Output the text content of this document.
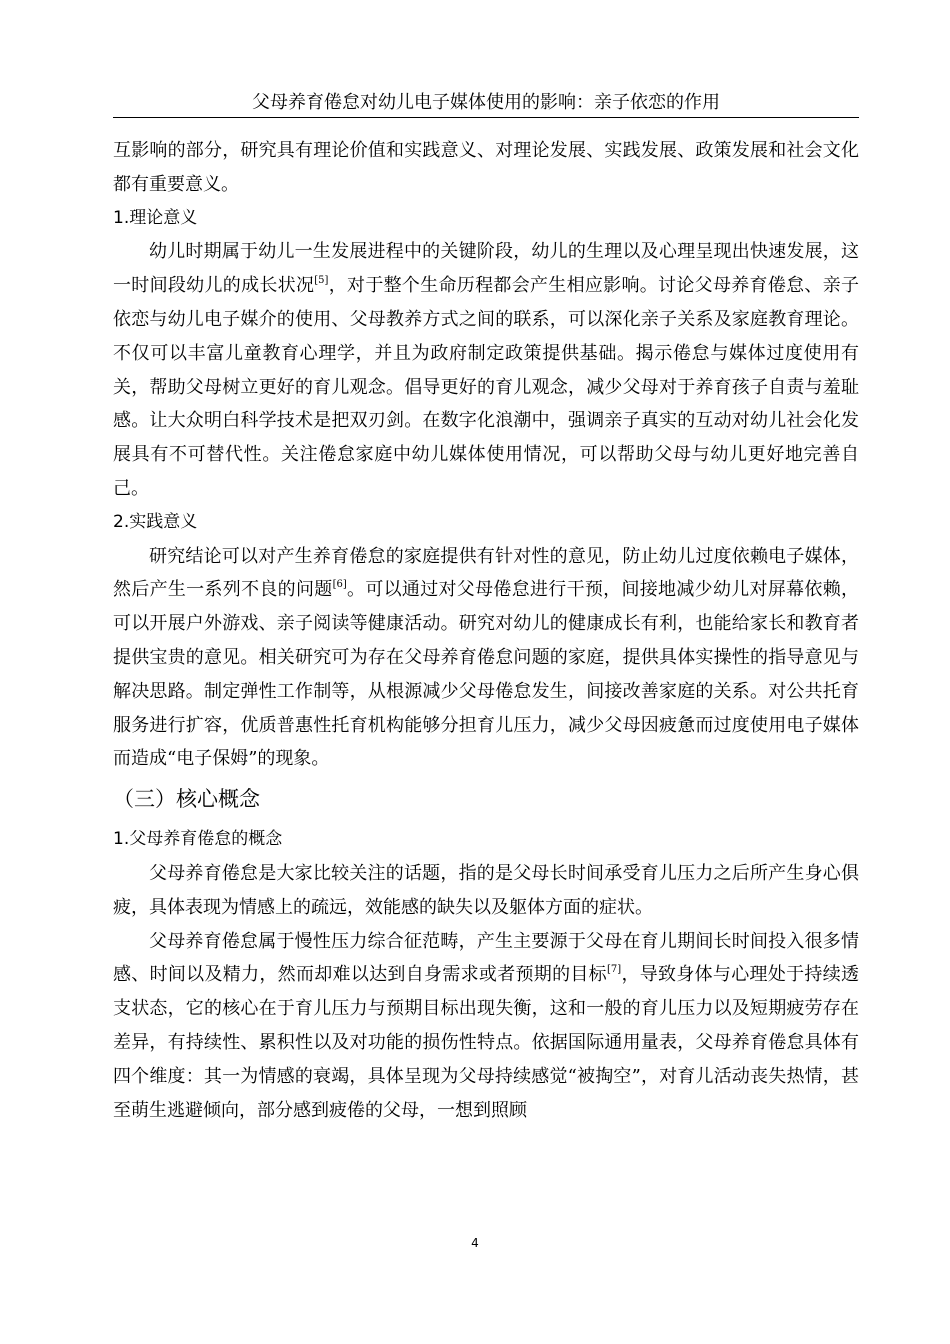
父母养育倦怠对幼儿电子媒体使用的影响：亲子依恋的作用

互影响的部分，研究具有理论价值和实践意义、对理论发展、实践发展、政策发展和社会文化都有重要意义。

1.理论意义

幼儿时期属于幼儿一生发展进程中的关键阶段，幼儿的生理以及心理呈现出快速发展，这一时间段幼儿的成长状况[5]，对于整个生命历程都会产生相应影响。讨论父母养育倦怠、亲子依恋与幼儿电子媒介的使用、父母教养方式之间的联系，可以深化亲子关系及家庭教育理论。不仅可以丰富儿童教育心理学，并且为政府制定政策提供基础。揭示倦怠与媒体过度使用有关，帮助父母树立更好的育儿观念。倡导更好的育儿观念，减少父母对于养育孩子自责与羞耻感。让大众明白科学技术是把双刃剑。在数字化浪潮中，强调亲子真实的互动对幼儿社会化发展具有不可替代性。关注倦怠家庭中幼儿媒体使用情况，可以帮助父母与幼儿更好地完善自己。

2.实践意义

研究结论可以对产生养育倦怠的家庭提供有针对性的意见，防止幼儿过度依赖电子媒体，然后产生一系列不良的问题[6]。可以通过对父母倦怠进行干预，间接地减少幼儿对屏幕依赖，可以开展户外游戏、亲子阅读等健康活动。研究对幼儿的健康成长有利，也能给家长和教育者提供宝贵的意见。相关研究可为存在父母养育倦怠问题的家庭，提供具体实操性的指导意见与解决思路。制定弹性工作制等，从根源减少父母倦怠发生，间接改善家庭的关系。对公共托育服务进行扩容，优质普惠性托育机构能够分担育儿压力，减少父母因疲惫而过度使用电子媒体而造成“电子保姆”的现象。

（三）核心概念
1.父母养育倦怠的概念

父母养育倦怠是大家比较关注的话题，指的是父母长时间承受育儿压力之后所产生身心俱疲，具体表现为情感上的疏远，效能感的缺失以及躯体方面的症状。

父母养育倦怠属于慢性压力综合征范畴，产生主要源于父母在育儿期间长时间投入很多情感、时间以及精力，然而却难以达到自身需求或者预期的目标[7]，导致身体与心理处于持续透支状态，它的核心在于育儿压力与预期目标出现失衡，这和一般的育儿压力以及短期疲劳存在差异，有持续性、累积性以及对功能的损伤性特点。依据国际通用量表，父母养育倦怠具体有四个维度：其一为情感的衰竭，具体呈现为父母持续感觉“被掏空”，对育儿活动丧失热情，甚至萌生逃避倾向，部分感到疲倦的父母，一想到照顾

4
